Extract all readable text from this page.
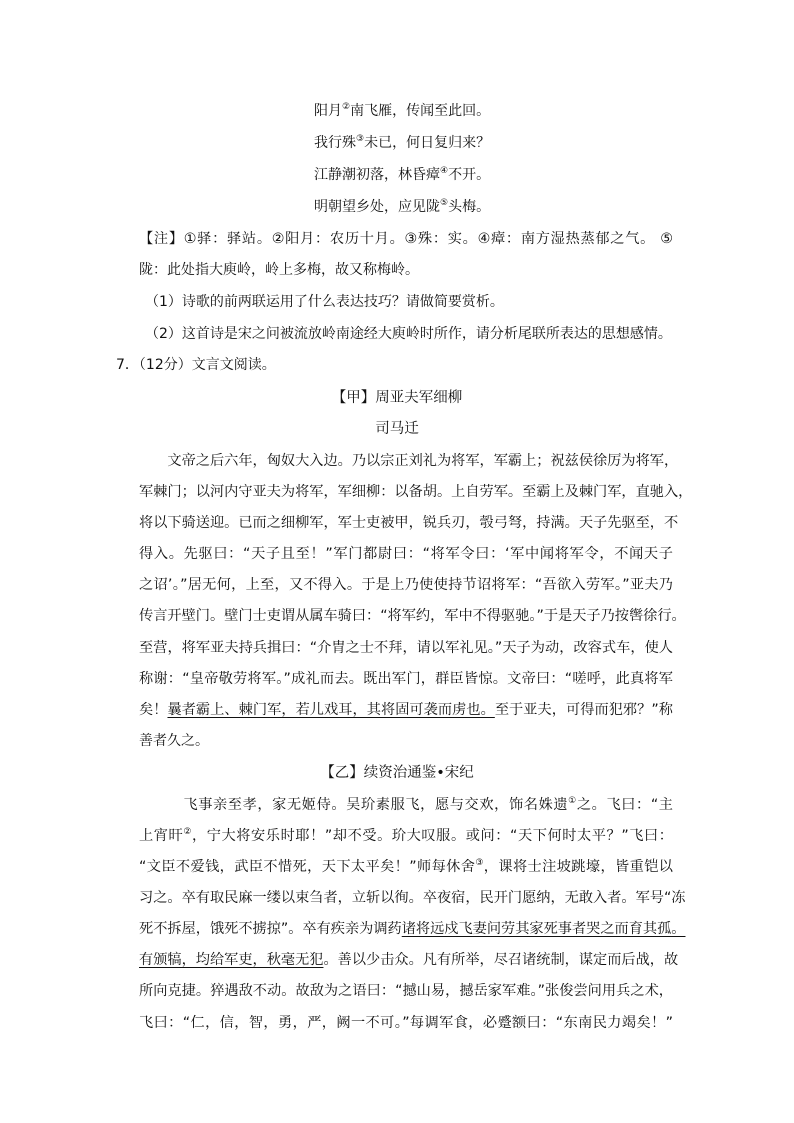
阳月②南飞雁，传闻至此回。
我行殊③未已，何日复归来？
江静潮初落，林昏瘴④不开。
明朝望乡处，应见陇⑤头梅。
【注】①驿：驿站。②阳月：农历十月。③殊：实。④瘴：南方湿热蒸郁之气。 ⑤
陇：此处指大庾岭，岭上多梅，故又称梅岭。
（1）诗歌的前两联运用了什么表达技巧？请做简要赏析。
（2）这首诗是宋之问被流放岭南途经大庾岭时所作，请分析尾联所表达的思想感情。
7．（12分）文言文阅读。
【甲】周亚夫军细柳
司马迁
　　文帝之后六年，匈奴大入边。乃以宗正刘礼为将军，军霸上；祝兹侯徐厉为将军，
军棘门；以河内守亚夫为将军，军细柳：以备胡。上自劳军。至霸上及棘门军，直驰入，
将以下骑送迎。已而之细柳军，军士吏被甲，锐兵刃，彀弓弩，持满。天子先驱至，不
得入。先驱曰：“天子且至！”军门都尉曰：“将军令曰：‘军中闻将军令，不闻天子
之诏’。”居无何，上至，又不得入。于是上乃使使持节诏将军：“吾欲入劳军。”亚夫乃
传言开壁门。壁门士吏谓从属车骑曰：“将军约，军中不得驱驰。”于是天子乃按辔徐行。
至营，将军亚夫持兵揖曰：“介胄之士不拜，请以军礼见。”天子为动，改容式车，使人
称谢：“皇帝敬劳将军。”成礼而去。既出军门，群臣皆惊。文帝曰：“嗟呼，此真将军
矣！曩者霸上、棘门军，若儿戏耳，其将固可袭而虏也。至于亚夫，可得而犯邪？”称
善者久之。
【乙】续资治通鉴•宋纪
　　　飞事亲至孝，家无姬侍。吴玠素服飞，愿与交欢，饰名姝遗①之。飞曰：“主
上宵旰②，宁大将安乐时耶！”却不受。玠大叹服。或问：“天下何时太平？”飞曰：
“文臣不爱钱，武臣不惜死，天下太平矣！”师每休舍③，课将士注坡跳壕，皆重铠以
习之。卒有取民麻一缕以束刍者，立斩以徇。卒夜宿，民开门愿纳，无敢入者。军号“冻
死不拆屋，饿死不掳掠”。卒有疾亲为调药诸将远戍飞妻问劳其家死事者哭之而育其孤。
有颁犒，均给军吏，秋毫无犯。善以少击众。凡有所举，尽召诸统制，谋定而后战，故
所向克捷。猝遇敌不动。故敌为之语曰：“撼山易，撼岳家军难。”张俊尝问用兵之术，
飞曰：“仁，信，智，勇，严，阙一不可。”每调军食，必蹙额曰：“东南民力竭矣！”
